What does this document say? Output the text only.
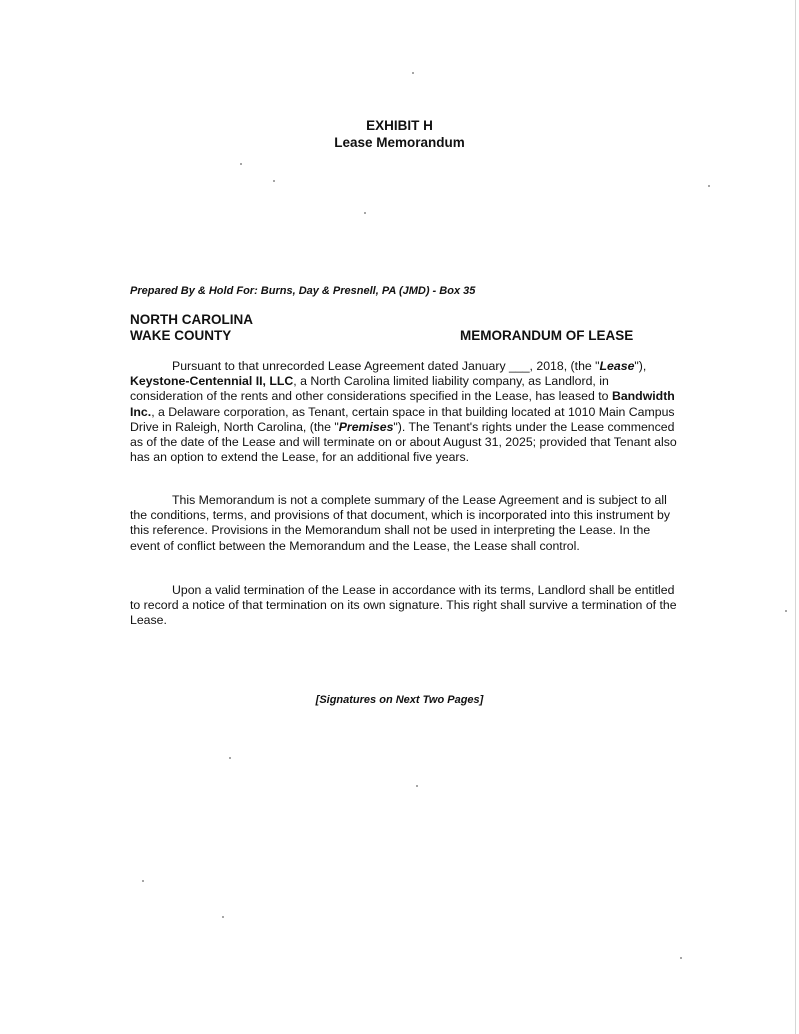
EXHIBIT H
Lease Memorandum
Prepared By & Hold For: Burns, Day & Presnell, PA (JMD) - Box 35
NORTH CAROLINA
WAKE COUNTY	MEMORANDUM OF LEASE

Pursuant to that unrecorded Lease Agreement dated January ___, 2018, (the "Lease"), Keystone-Centennial II, LLC, a North Carolina limited liability company, as Landlord, in consideration of the rents and other considerations specified in the Lease, has leased to Bandwidth Inc., a Delaware corporation, as Tenant, certain space in that building located at 1010 Main Campus Drive in Raleigh, North Carolina, (the "Premises"). The Tenant's rights under the Lease commenced as of the date of the Lease and will terminate on or about August 31, 2025; provided that Tenant also has an option to extend the Lease, for an additional five years.

This Memorandum is not a complete summary of the Lease Agreement and is subject to all the conditions, terms, and provisions of that document, which is incorporated into this instrument by this reference. Provisions in the Memorandum shall not be used in interpreting the Lease. In the event of conflict between the Memorandum and the Lease, the Lease shall control.

Upon a valid termination of the Lease in accordance with its terms, Landlord shall be entitled to record a notice of that termination on its own signature. This right shall survive a termination of the Lease.

[Signatures on Next Two Pages]
